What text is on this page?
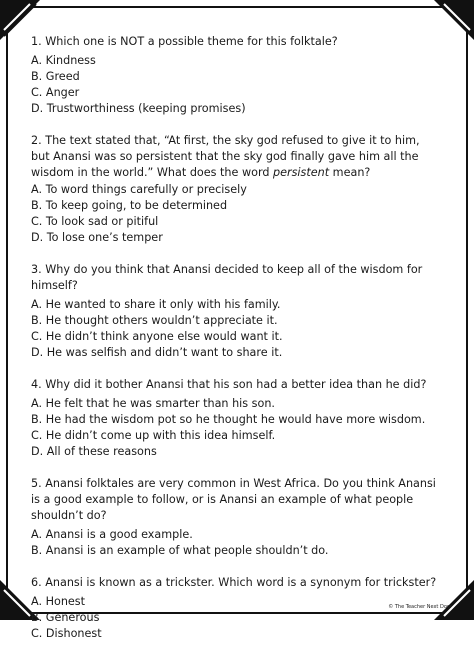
1. Which one is NOT a possible theme for this folktale?

A. Kindness

B. Greed

C. Anger

D. Trustworthiness (keeping promises)

2. The text stated that, “At first, the sky god refused to give it to him, but Anansi was so persistent that the sky god finally gave him all the wisdom in the world.” What does the word persistent mean?

A. To word things carefully or precisely

B. To keep going, to be determined

C. To look sad or pitiful

D. To lose one’s temper

3. Why do you think that Anansi decided to keep all of the wisdom for himself?

A. He wanted to share it only with his family.

B. He thought others wouldn’t appreciate it.

C. He didn’t think anyone else would want it.

D. He was selfish and didn’t want to share it.

4. Why did it bother Anansi that his son had a better idea than he did?

A. He felt that he was smarter than his son.

B. He had the wisdom pot so he thought he would have more wisdom.

C. He didn’t come up with this idea himself.

D. All of these reasons

5. Anansi folktales are very common in West Africa. Do you think Anansi is a good example to follow, or is Anansi an example of what people shouldn’t do?

A. Anansi is a good example.

B. Anansi is an example of what people shouldn’t do.

6. Anansi is known as a trickster. Which word is a synonym for trickster?

A. Honest

B. Generous

C. Dishonest

© The Teacher Next Door
